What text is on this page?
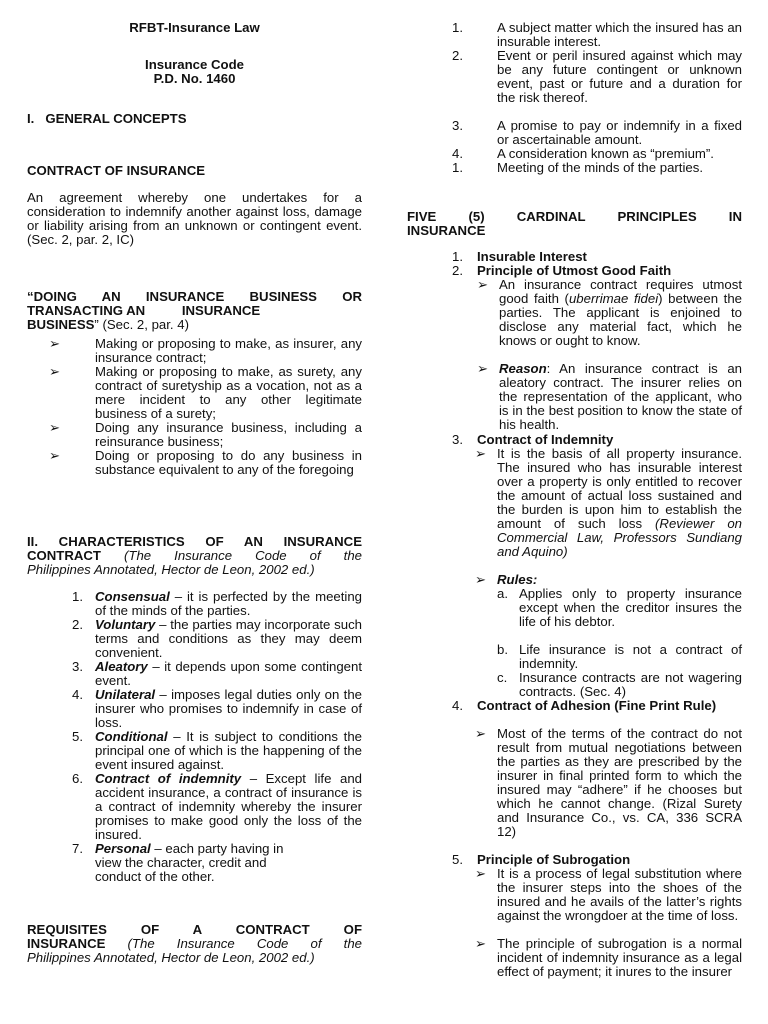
RFBT-Insurance Law
Insurance Code
P.D. No. 1460
I.   GENERAL CONCEPTS
CONTRACT OF INSURANCE

An agreement whereby one undertakes for a consideration to indemnify another against loss, damage or liability arising from an unknown or contingent event. (Sec. 2, par. 2, IC)

“DOING AN INSURANCE BUSINESS OR
TRANSACTING AN          INSURANCE
BUSINESS” (Sec. 2, par. 4)
➢	Making or proposing to make, as insurer, any insurance contract;

➢	Making or proposing to make, as surety, any contract of suretyship as a vocation, not as a mere incident to any other legitimate business of a surety;

➢	Doing any insurance business, including a reinsurance business;

➢	Doing or proposing to do any business in substance equivalent to any of the foregoing

II. CHARACTERISTICS OF AN INSURANCE
CONTRACT (The Insurance Code of the
Philippines Annotated, Hector de Leon, 2002 ed.)
1. Consensual – it is perfected by the meeting of the minds of the parties.

2. Voluntary – the parties may incorporate such terms and conditions as they may deem convenient.

3. Aleatory – it depends upon some contingent event.

4. Unilateral – imposes legal duties only on the insurer who promises to indemnify in case of loss.

5. Conditional – It is subject to conditions the principal one of which is the happening of the event insured against.

6. Contract of indemnity – Except life and accident insurance, a contract of insurance is a contract of indemnity whereby the insurer promises to make good only the loss of the insured.

7. Personal – each party having in view the character, credit and conduct of the other.

REQUISITES OF A CONTRACT OF
INSURANCE (The Insurance Code of the
Philippines Annotated, Hector de Leon, 2002 ed.)
1.	A subject matter which the insured has an insurable interest.

2.	Event or peril insured against which may be any future contingent or unknown event, past or future and a duration for the risk thereof.

3.	A promise to pay or indemnify in a fixed or ascertainable amount.

4.	A consideration known as “premium”.

1.	Meeting of the minds of the parties.

FIVE (5) CARDINAL PRINCIPLES IN
INSURANCE
1. Insurable Interest
2. Principle of Utmost Good Faith
➢ An insurance contract requires utmost good faith (uberrimae fidei) between the parties. The applicant is enjoined to disclose any material fact, which he knows or ought to know.

➢ Reason: An insurance contract is an aleatory contract. The insurer relies on the representation of the applicant, who is in the best position to know the state of his health.

3. Contract of Indemnity
➢ It is the basis of all property insurance. The insured who has insurable interest over a property is only entitled to recover the amount of actual loss sustained and the burden is upon him to establish the amount of such loss (Reviewer on Commercial Law, Professors Sundiang and Aquino)

➢ Rules:
a. Applies only to property insurance except when the creditor insures the life of his debtor.

b. Life insurance is not a contract of indemnity.

c. Insurance contracts are not wagering contracts. (Sec. 4)

4. Contract of Adhesion (Fine Print Rule)

➢ Most of the terms of the contract do not result from mutual negotiations between the parties as they are prescribed by the insurer in final printed form to which the insured may “adhere” if he chooses but which he cannot change. (Rizal Surety and Insurance Co., vs. CA, 336 SCRA 12)

5. Principle of Subrogation
➢ It is a process of legal substitution where the insurer steps into the shoes of the insured and he avails of the latter’s rights against the wrongdoer at the time of loss.

➢ The principle of subrogation is a normal incident of indemnity insurance as a legal effect of payment; it inures to the insurer
